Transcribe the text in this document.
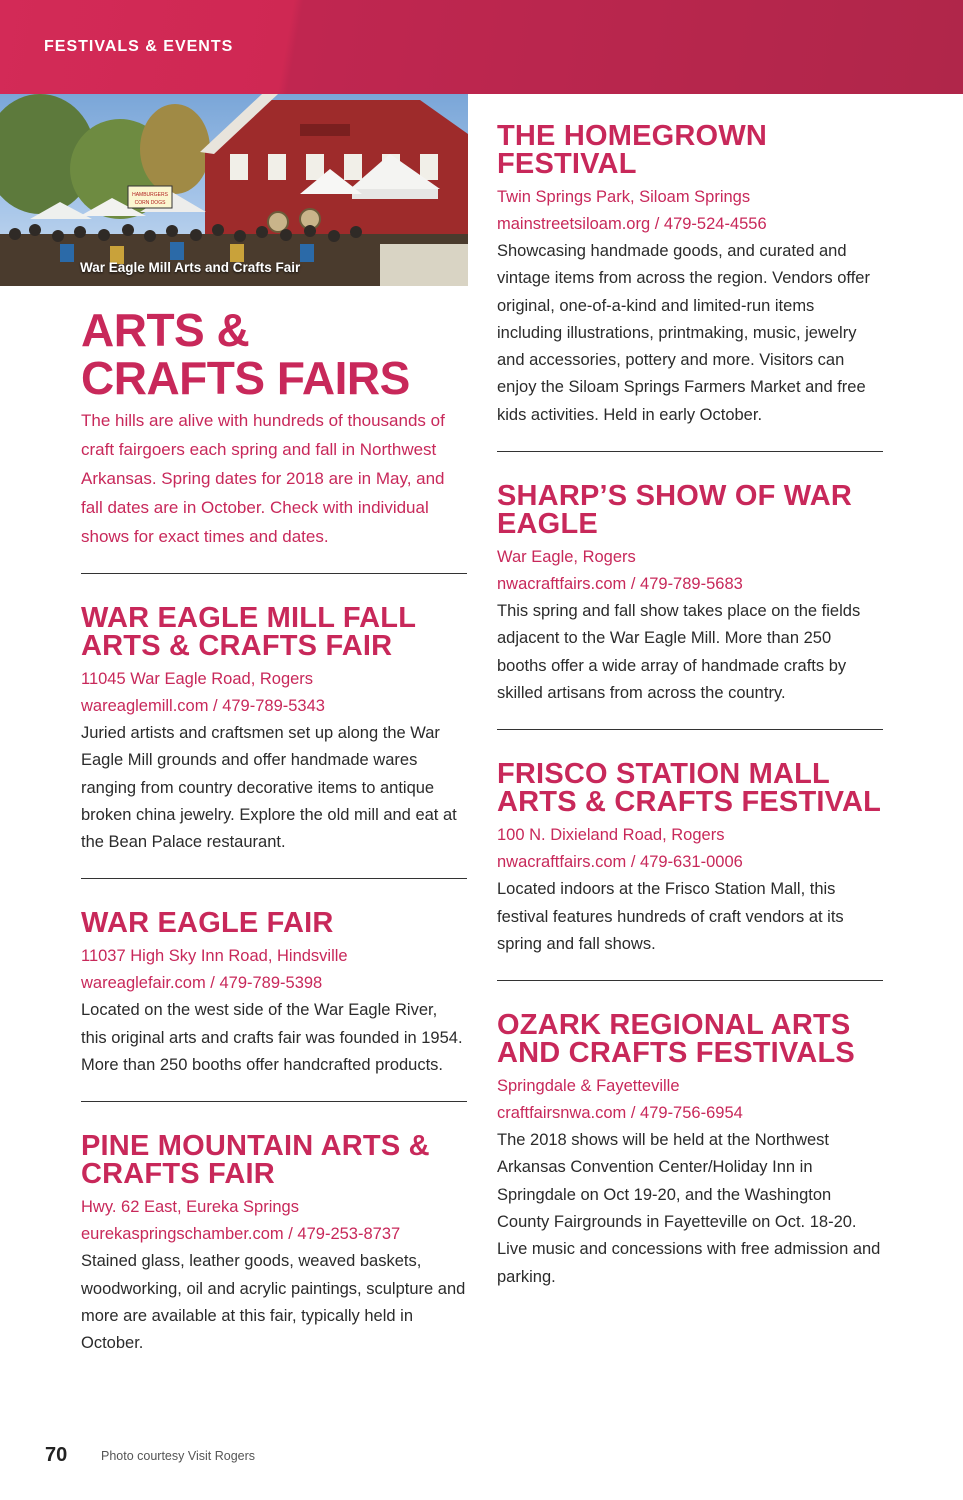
FESTIVALS & EVENTS
HAMBURGERS
CORN DOGS
War Eagle Mill Arts and Crafts Fair
ARTS &
CRAFTS FAIRS
The hills are alive with hundreds of thousands of craft fairgoers each spring and fall in Northwest Arkansas. Spring dates for 2018 are in May, and fall dates are in October. Check with individual shows for exact times and dates.
WAR EAGLE MILL FALL ARTS & CRAFTS FAIR
11045 War Eagle Road, Rogers
wareaglemill.com / 479-789-5343
Juried artists and craftsmen set up along the War Eagle Mill grounds and offer handmade wares ranging from country decorative items to antique broken china jewelry. Explore the old mill and eat at the Bean Palace restaurant.
WAR EAGLE FAIR
11037 High Sky Inn Road, Hindsville
wareaglefair.com / 479-789-5398
Located on the west side of the War Eagle River, this original arts and crafts fair was founded in 1954. More than 250 booths offer handcrafted products.
PINE MOUNTAIN ARTS & CRAFTS FAIR
Hwy. 62 East, Eureka Springs
eurekaspringschamber.com / 479-253-8737
Stained glass, leather goods, weaved baskets, woodworking, oil and acrylic paintings, sculpture and more are available at this fair, typically held in October.
THE HOMEGROWN FESTIVAL
Twin Springs Park, Siloam Springs
mainstreetsiloam.org / 479-524-4556
Showcasing handmade goods, and curated and vintage items from across the region. Vendors offer original, one-of-a-kind and limited-run items including illustrations, printmaking, music, jewelry and accessories, pottery and more. Visitors can enjoy the Siloam Springs Farmers Market and free kids activities. Held in early October.
SHARP’S SHOW OF WAR EAGLE
War Eagle, Rogers
nwacraftfairs.com / 479-789-5683
This spring and fall show takes place on the fields adjacent to the War Eagle Mill. More than 250 booths offer a wide array of handmade crafts by skilled artisans from across the country.
FRISCO STATION MALL ARTS & CRAFTS FESTIVAL
100 N. Dixieland Road, Rogers
nwacraftfairs.com / 479-631-0006
Located indoors at the Frisco Station Mall, this festival features hundreds of craft vendors at its spring and fall shows.
OZARK REGIONAL ARTS AND CRAFTS FESTIVALS
Springdale & Fayetteville
craftfairsnwa.com / 479-756-6954
The 2018 shows will be held at the Northwest Arkansas Convention Center/Holiday Inn in Springdale on Oct 19-20, and the Washington County Fairgrounds in Fayetteville on Oct. 18-20. Live music and concessions with free admission and parking.
70	Photo courtesy Visit Rogers
